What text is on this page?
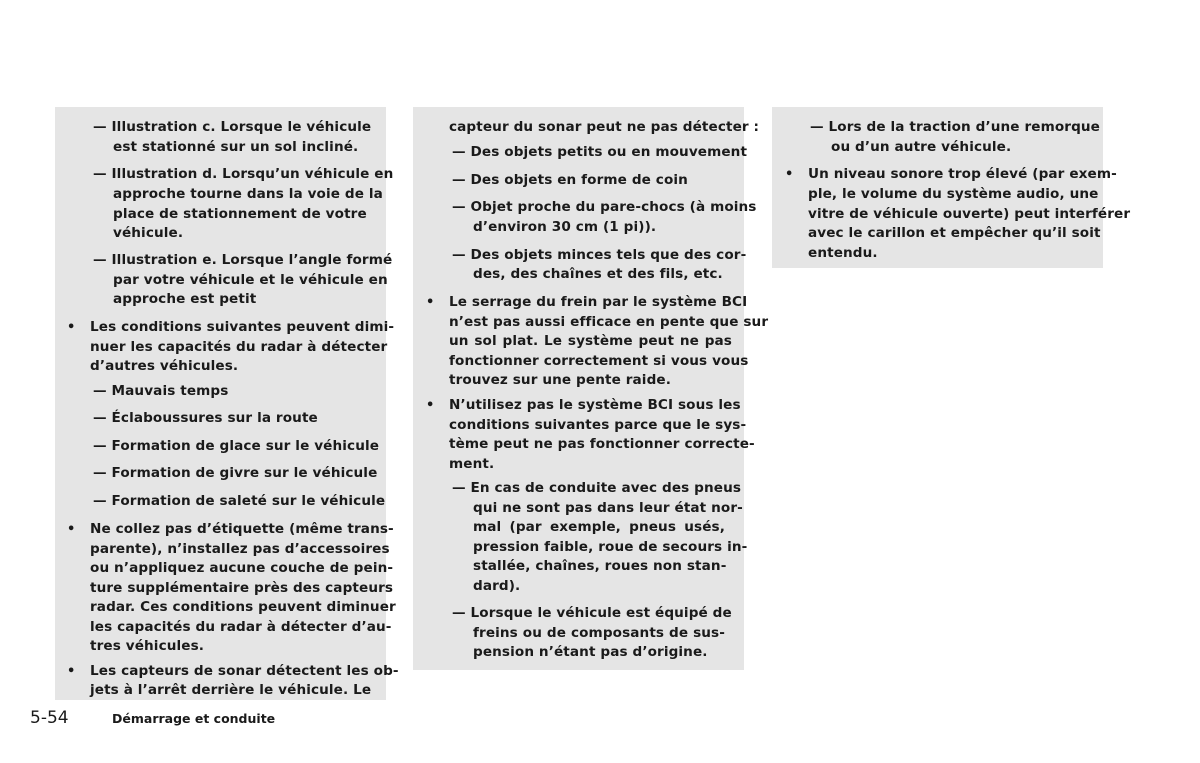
— Illustration c. Lorsque le véhicule
est stationné sur un sol incliné.
— Illustration d. Lorsqu’un véhicule en
approche tourne dans la voie de la
place de stationnement de votre
véhicule.
— Illustration e. Lorsque l’angle formé
par votre véhicule et le véhicule en
approche est petit
Les conditions suivantes peuvent dimi-
nuer les capacités du radar à détecter
d’autres véhicules.
— Mauvais temps
— Éclaboussures sur la route
— Formation de glace sur le véhicule
— Formation de givre sur le véhicule
— Formation de saleté sur le véhicule
Ne collez pas d’étiquette (même trans-
parente), n’installez pas d’accessoires
ou n’appliquez aucune couche de pein-
ture supplémentaire près des capteurs
radar. Ces conditions peuvent diminuer
les capacités du radar à détecter d’au-
tres véhicules.
Les capteurs de sonar détectent les ob-
jets à l’arrêt derrière le véhicule. Le
•
•
•
capteur du sonar peut ne pas détecter :
— Des objets petits ou en mouvement
— Des objets en forme de coin
— Objet proche du pare-chocs (à moins
d’environ 30 cm (1 pi)).
— Des objets minces tels que des cor-
des, des chaînes et des fils, etc.
Le serrage du frein par le système BCI
n’est pas aussi efficace en pente que sur
un sol plat. Le système peut ne pas
fonctionner correctement si vous vous
trouvez sur une pente raide.
N’utilisez pas le système BCI sous les
conditions suivantes parce que le sys-
tème peut ne pas fonctionner correcte-
ment.
— En cas de conduite avec des pneus
qui ne sont pas dans leur état nor-
mal (par exemple, pneus usés,
pression faible, roue de secours in-
stallée, chaînes, roues non stan-
dard).
— Lorsque le véhicule est équipé de
freins ou de composants de sus-
pension n’étant pas d’origine.
•
•
— Lors de la traction d’une remorque
ou d’un autre véhicule.
Un niveau sonore trop élevé (par exem-
ple, le volume du système audio, une
vitre de véhicule ouverte) peut interférer
avec le carillon et empêcher qu’il soit
entendu.
•
5-54	Démarrage et conduite
